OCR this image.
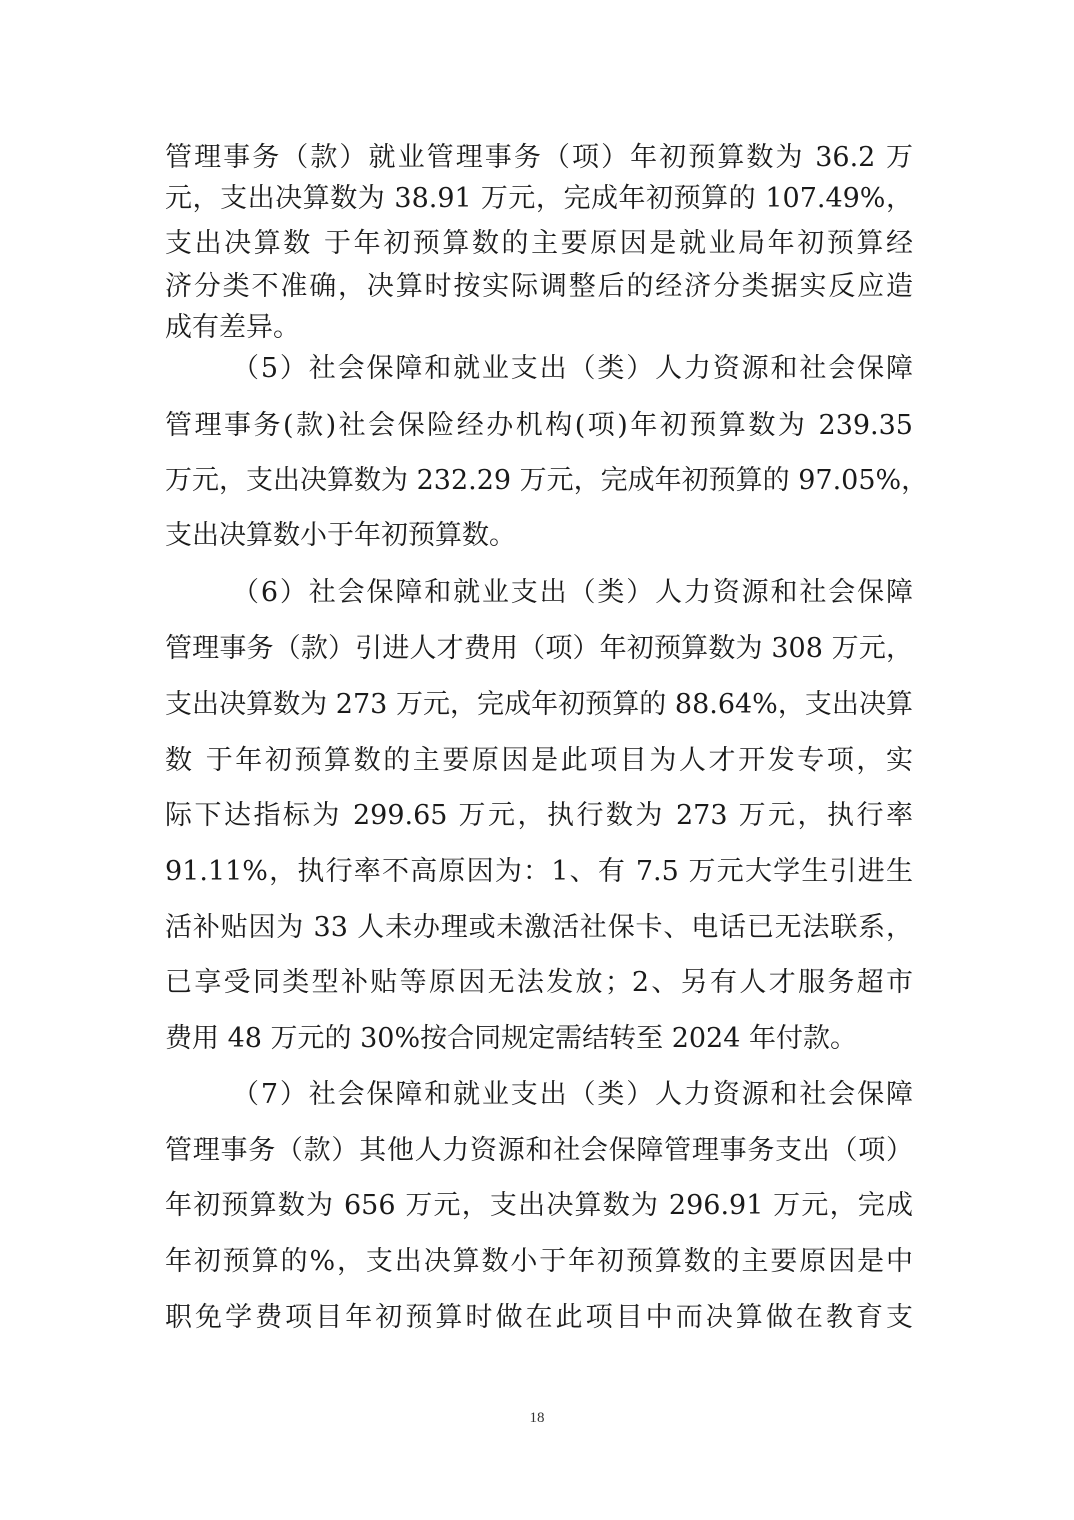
管理事务（款）就业管理事务（项）年初预算数为 36.2 万
元，支出决算数为 38.91 万元，完成年初预算的 107.49%，
支出决算数 于年初预算数的主要原因是就业局年初预算经
济分类不准确，决算时按实际调整后的经济分类据实反应造
成有差异。
（5）社会保障和就业支出（类）人力资源和社会保障
管理事务(款)社会保险经办机构(项)年初预算数为 239.35
万元，支出决算数为 232.29 万元，完成年初预算的 97.05%，
支出决算数小于年初预算数。
（6）社会保障和就业支出（类）人力资源和社会保障
管理事务（款）引进人才费用（项）年初预算数为 308 万元，
支出决算数为 273 万元，完成年初预算的 88.64%，支出决算
数 于年初预算数的主要原因是此项目为人才开发专项，实
际下达指标为 299.65 万元，执行数为 273 万元，执行率
91.11%，执行率不高原因为：1、有 7.5 万元大学生引进生
活补贴因为 33 人未办理或未激活社保卡、电话已无法联系，
已享受同类型补贴等原因无法发放；2、另有人才服务超市
费用 48 万元的 30%按合同规定需结转至 2024 年付款。
（7）社会保障和就业支出（类）人力资源和社会保障
管理事务（款）其他人力资源和社会保障管理事务支出（项）
年初预算数为 656 万元，支出决算数为 296.91 万元，完成
年初预算的%，支出决算数小于年初预算数的主要原因是中
职免学费项目年初预算时做在此项目中而决算做在教育支
18
